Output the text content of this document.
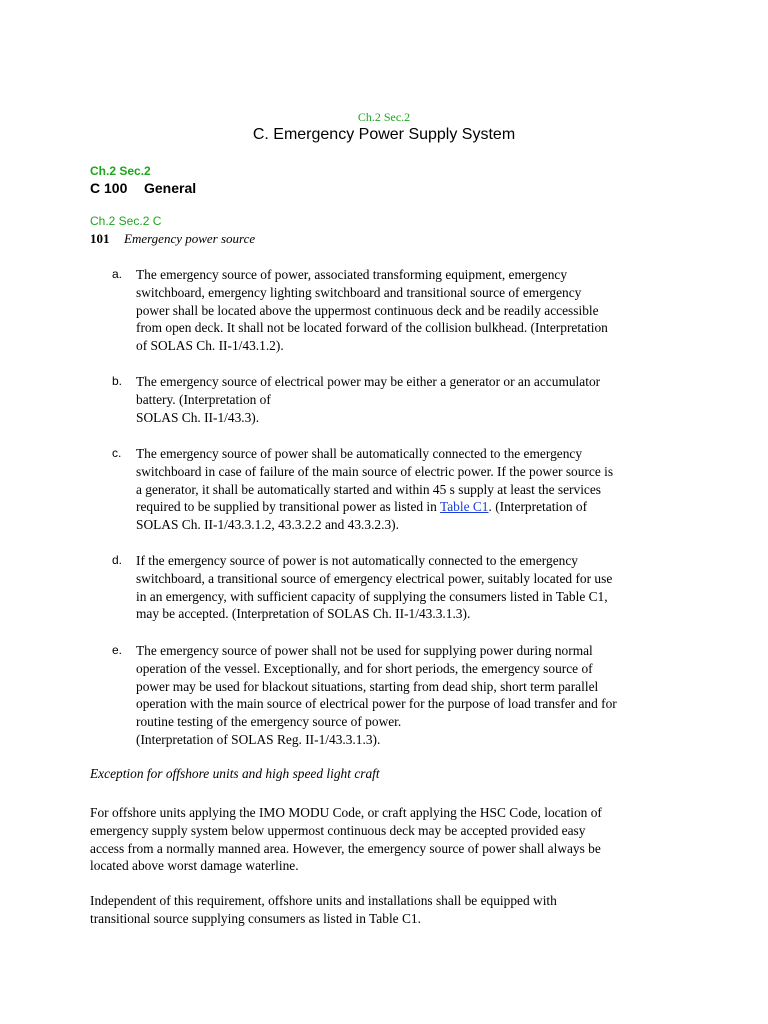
Ch.2 Sec.2
C. Emergency Power Supply System
Ch.2 Sec.2
C 100 General
Ch.2 Sec.2 C
101 Emergency power source
a. The emergency source of power, associated transforming equipment, emergency
switchboard, emergency lighting switchboard and transitional source of emergency
power shall be located above the uppermost continuous deck and be readily accessible
from open deck. It shall not be located forward of the collision bulkhead. (Interpretation
of SOLAS Ch. II-1/43.1.2).
b. The emergency source of electrical power may be either a generator or an accumulator
battery. (Interpretation of
SOLAS Ch. II-1/43.3).
c. The emergency source of power shall be automatically connected to the emergency
switchboard in case of failure of the main source of electric power. If the power source is
a generator, it shall be automatically started and within 45 s supply at least the services
required to be supplied by transitional power as listed in Table C1. (Interpretation of
SOLAS Ch. II-1/43.3.1.2, 43.3.2.2 and 43.3.2.3).
d. If the emergency source of power is not automatically connected to the emergency
switchboard, a transitional source of emergency electrical power, suitably located for use
in an emergency, with sufficient capacity of supplying the consumers listed in Table C1,
may be accepted. (Interpretation of SOLAS Ch. II-1/43.3.1.3).
e. The emergency source of power shall not be used for supplying power during normal
operation of the vessel. Exceptionally, and for short periods, the emergency source of
power may be used for blackout situations, starting from dead ship, short term parallel
operation with the main source of electrical power for the purpose of load transfer and for
routine testing of the emergency source of power.
(Interpretation of SOLAS Reg. II-1/43.3.1.3).
Exception for offshore units and high speed light craft
For offshore units applying the IMO MODU Code, or craft applying the HSC Code, location of
emergency supply system below uppermost continuous deck may be accepted provided easy
access from a normally manned area. However, the emergency source of power shall always be
located above worst damage waterline.
Independent of this requirement, offshore units and installations shall be equipped with
transitional source supplying consumers as listed in Table C1.
